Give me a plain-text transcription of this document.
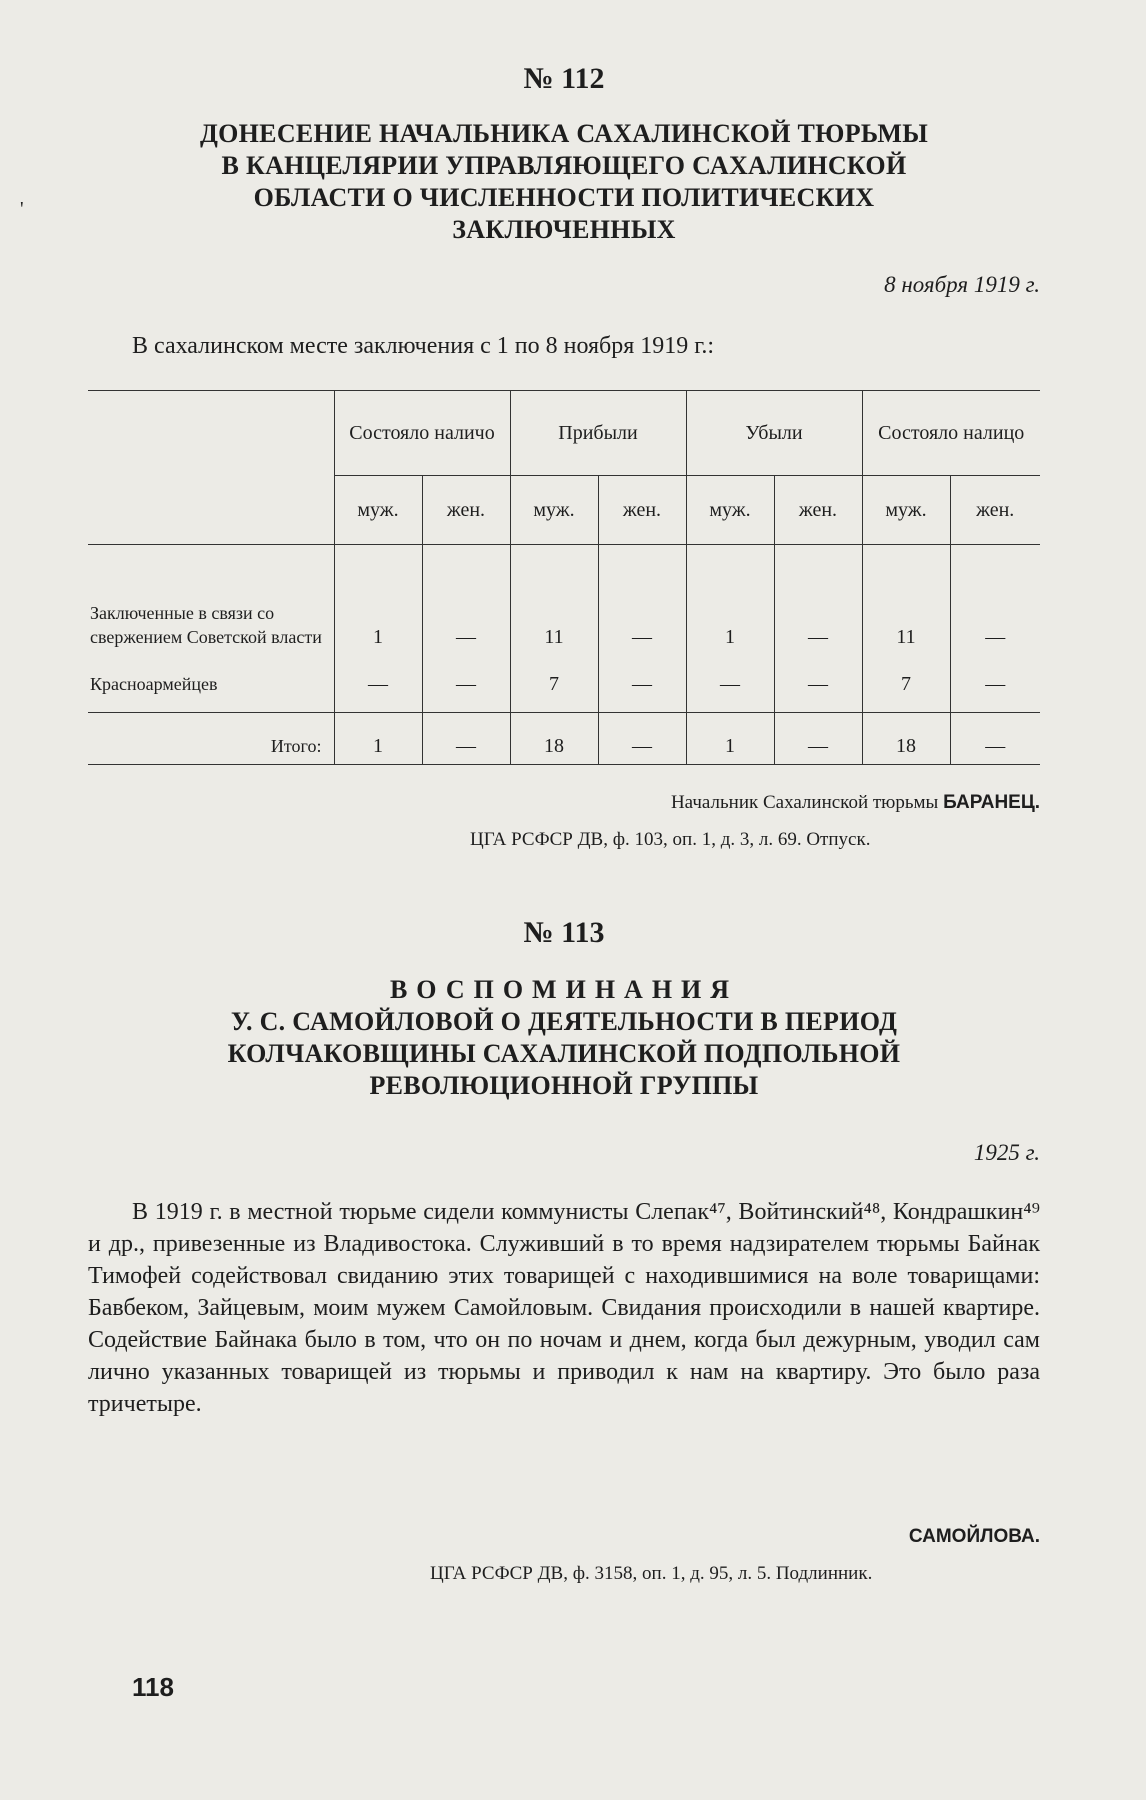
'
№ 112
ДОНЕСЕНИЕ НАЧАЛЬНИКА САХАЛИНСКОЙ ТЮРЬМЫ
В КАНЦЕЛЯРИИ УПРАВЛЯЮЩЕГО САХАЛИНСКОЙ
ОБЛАСТИ О ЧИСЛЕННОСТИ ПОЛИТИЧЕСКИХ
ЗАКЛЮЧЕННЫХ
8 ноября 1919 г.
В сахалинском месте заключения с 1 по 8 ноября 1919 г.:
	Состояло наличо		Прибыли		Убыли		Состояло налицо	
	муж.	жен.	муж.	жен.	муж.	жен.	муж.	жен.
Заключенные в связи со свержением Советской власти	1	—	11	—	1	—	11	—
Красноармейцев	—	—	7	—	—	—	7	—
Итого:	1	—	18	—	1	—	18	—
Начальник Сахалинской тюрьмы БАРАНЕЦ.
ЦГА РСФСР ДВ, ф. 103, оп. 1, д. 3, л. 69. Отпуск.
№ 113
ВОСПОМИНАНИЯ
У. С. САМОЙЛОВОЙ О ДЕЯТЕЛЬНОСТИ В ПЕРИОД
КОЛЧАКОВЩИНЫ САХАЛИНСКОЙ ПОДПОЛЬНОЙ
РЕВОЛЮЦИОННОЙ ГРУППЫ
1925 г.
В 1919 г. в местной тюрьме сидели коммунисты Слепак⁴⁷, Войтинский⁴⁸, Кондрашкин⁴⁹ и др., привезенные из Владивостока. Служивший в то время надзирателем тюрьмы Байнак Тимофей содействовал свиданию этих товарищей с находившимися на воле товарищами: Бавбеком, Зайцевым, моим мужем Самойловым. Свидания происходили в нашей квартире. Содействие Байнака было в том, что он по ночам и днем, когда был дежурным, уводил сам лично указанных товарищей из тюрьмы и приводил к нам на квартиру. Это было раза тричетыре.
САМОЙЛОВА.
ЦГА РСФСР ДВ, ф. 3158, оп. 1, д. 95, л. 5. Подлинник.
118
